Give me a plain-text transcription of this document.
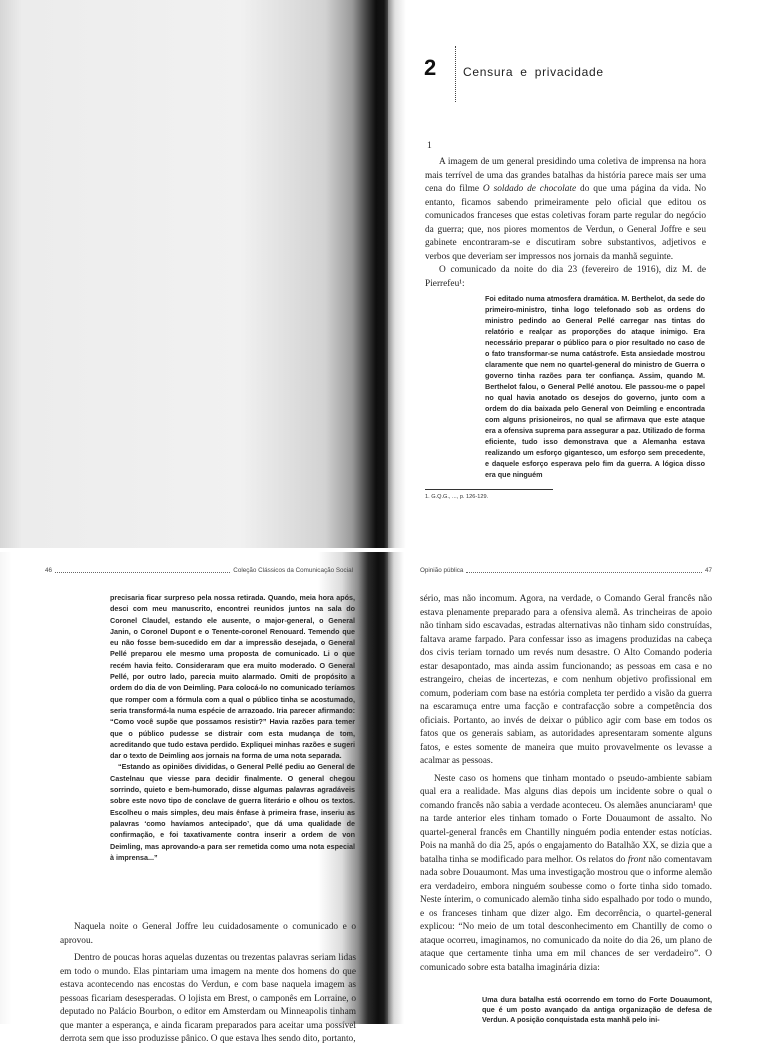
2 Censura e privacidade
1

A imagem de um general presidindo uma coletiva de imprensa na hora mais terrível de uma das grandes batalhas da história parece mais ser uma cena do filme O soldado de chocolate do que uma página da vida. No entanto, ficamos sabendo primeiramente pelo oficial que editou os comunicados franceses que estas coletivas foram parte regular do negócio da guerra; que, nos piores momentos de Verdun, o General Joffre e seu gabinete encontraram-se e discutiram sobre substantivos, adjetivos e verbos que deveriam ser impressos nos jornais da manhã seguinte.

O comunicado da noite do dia 23 (fevereiro de 1916), diz M. de Pierrefeu¹:

Foi editado numa atmosfera dramática. M. Berthelot, da sede do primeiro-ministro, tinha logo telefonado sob as ordens do ministro pedindo ao General Pellé carregar nas tintas do relatório e realçar as proporções do ataque inimigo. Era necessário preparar o público para o pior resultado no caso de o fato transformar-se numa catástrofe. Esta ansiedade mostrou claramente que nem no quartel-general do ministro de Guerra o governo tinha razões para ter confiança. Assim, quando M. Berthelot falou, o General Pellé anotou. Ele passou-me o papel no qual havia anotado os desejos do governo, junto com a ordem do dia baixada pelo General von Deimling e encontrada com alguns prisioneiros, no qual se afirmava que este ataque era a ofensiva suprema para assegurar a paz. Utilizado de forma eficiente, tudo isso demonstrava que a Alemanha estava realizando um esforço gigantesco, um esforço sem precedente, e daquele esforço esperava pelo fim da guerra. A lógica disso era que ninguém

1. G.Q.G., ..., p. 126-129.
46	Coleção Clássicos da Comunicação Social

precisaria ficar surpreso pela nossa retirada. Quando, meia hora após, desci com meu manuscrito, encontrei reunidos juntos na sala do Coronel Claudel, estando ele ausente, o major-general, o General Janin, o Coronel Dupont e o Tenente-coronel Renouard. Temendo que eu não fosse bem-sucedido em dar a impressão desejada, o General Pellé preparou ele mesmo uma proposta de comunicado. Li o que recém havia feito. Consideraram que era muito moderado. O General Pellé, por outro lado, parecia muito alarmado. Omiti de propósito a ordem do dia de von Deimling. Para colocá-lo no comunicado teríamos que romper com a fórmula com a qual o público tinha se acostumado, seria transformá-la numa espécie de arrazoado. Iria parecer afirmando: “Como você supõe que possamos resistir?” Havia razões para temer que o público pudesse se distrair com esta mudança de tom, acreditando que tudo estava perdido. Expliquei minhas razões e sugeri dar o texto de Deimling aos jornais na forma de uma nota separada.

“Estando as opiniões divididas, o General Pellé pediu ao General de Castelnau que viesse para decidir finalmente. O general chegou sorrindo, quieto e bem-humorado, disse algumas palavras agradáveis sobre este novo tipo de conclave de guerra literário e olhou os textos. Escolheu o mais simples, deu mais ênfase à primeira frase, inseriu as palavras ‘como havíamos antecipado’, que dá uma qualidade de confirmação, e foi taxativamente contra inserir a ordem de von Deimling, mas aprovando-a para ser remetida como uma nota especial à imprensa...”

Naquela noite o General Joffre leu cuidadosamente o comunicado e o aprovou.

Dentro de poucas horas aquelas duzentas ou trezentas palavras seriam lidas em todo o mundo. Elas pintariam uma imagem na mente dos homens do que estava acontecendo nas encostas do Verdun, e com base naquela imagem as pessoas ficariam desesperadas. O lojista em Brest, o camponês em Lorraine, o deputado no Palácio Bourbon, o editor em Amsterdam ou Minneapolis tinham que manter a esperança, e ainda ficaram preparados para aceitar uma possível derrota sem que isso produzisse pânico. O que estava lhes sendo dito, portanto,

Opinião pública	47

sério, mas não incomum. Agora, na verdade, o Comando Geral francês não estava plenamente preparado para a ofensiva alemã. As trincheiras de apoio não tinham sido escavadas, estradas alternativas não tinham sido construídas, faltava arame farpado. Para confessar isso as imagens produzidas na cabeça dos civis teriam tornado um revés num desastre. O Alto Comando poderia estar desapontado, mas ainda assim funcionando; as pessoas em casa e no estrangeiro, cheias de incertezas, e com nenhum objetivo profissional em comum, poderiam com base na estória completa ter perdido a visão da guerra na escaramuça entre uma facção e contrafacção sobre a competência dos oficiais. Portanto, ao invés de deixar o público agir com base em todos os fatos que os generais sabiam, as autoridades apresentaram somente alguns fatos, e estes somente de maneira que muito provavelmente os levasse a acalmar as pessoas.

Neste caso os homens que tinham montado o pseudo-ambiente sabiam qual era a realidade. Mas alguns dias depois um incidente sobre o qual o comando francês não sabia a verdade aconteceu. Os alemães anunciaram¹ que na tarde anterior eles tinham tomado o Forte Douaumont de assalto. No quartel-general francês em Chantilly ninguém podia entender estas notícias. Pois na manhã do dia 25, após o engajamento do Batalhão XX, se dizia que a batalha tinha se modificado para melhor. Os relatos do front não comentavam nada sobre Douaumont. Mas uma investigação mostrou que o informe alemão era verdadeiro, embora ninguém soubesse como o forte tinha sido tomado. Neste ínterim, o comunicado alemão tinha sido espalhado por todo o mundo, e os franceses tinham que dizer algo. Em decorrência, o quartel-general explicou: “No meio de um total desconhecimento em Chantilly de como o ataque ocorreu, imaginamos, no comunicado da noite do dia 26, um plano de ataque que certamente tinha uma em mil chances de ser verdadeiro”. O comunicado sobre esta batalha imaginária dizia:

Uma dura batalha está ocorrendo em torno do Forte Douaumont, que é um posto avançado da antiga organização de defesa de Verdun. A posição conquistada esta manhã pelo ini-
